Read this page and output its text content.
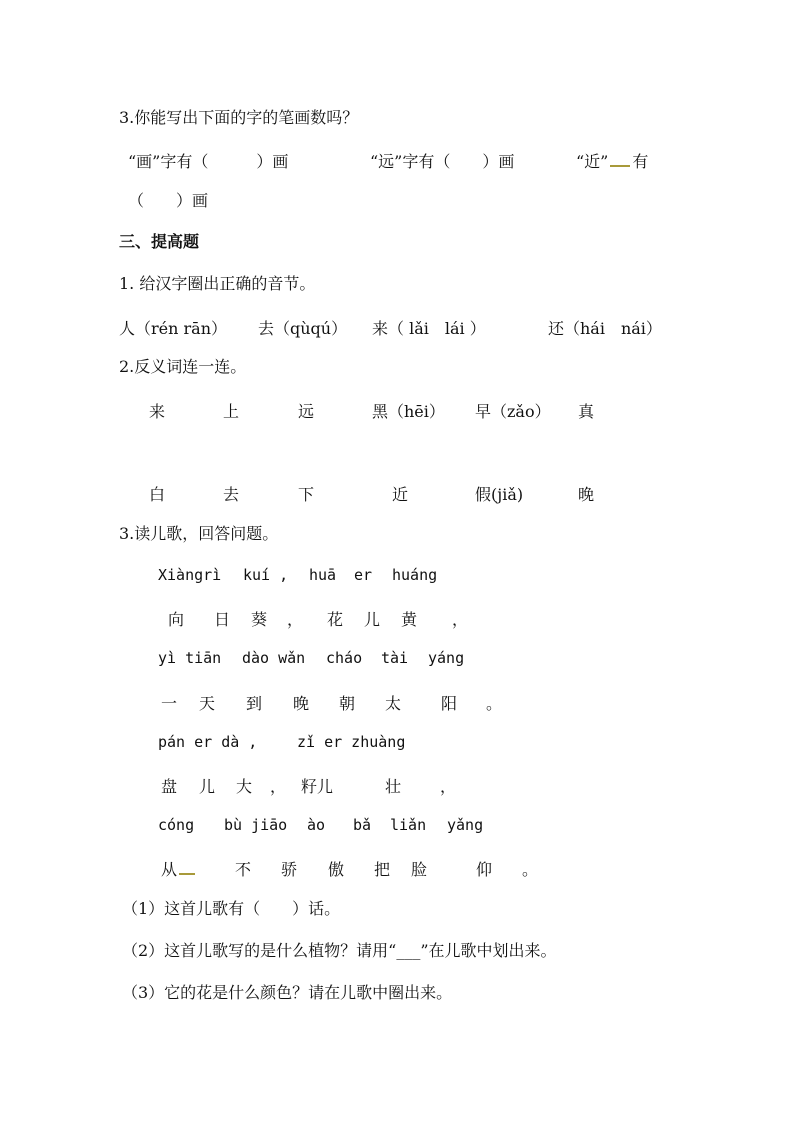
3.你能写出下面的字的笔画数吗？
“画”字有（　　　）画	“远”字有（　　）画	“近” 有
（　　）画
三、提高题
1. 给汉字圈出正确的音节。
人（rén rān） 去（qùqú） 来（ lǎi　lái ）	还（hái　nái）
2.反义词连一连。
来	上	远	黑（hēi） 早（zǎo） 真
白	去	下	近	假(jiǎ)	晚
3.读儿歌，回答问题。
Xiàngrì kuí , huā er huáng
向 日 葵 ， 花 儿 黄 ，
yì tiān dào wǎn cháo tài yáng
一 天 到 晚 朝 太 阳 。
pán er dà ,	zǐ er zhuàng
盘 儿 大 ， 籽儿	壮 ，
cóng bù jiāo ào bǎ liǎn yǎng
从	不 骄 傲 把 脸	仰 。
（1）这首儿歌有（　　）话。
（2）这首儿歌写的是什么植物？请用“___”在儿歌中划出来。
（3）它的花是什么颜色？请在儿歌中圈出来。
